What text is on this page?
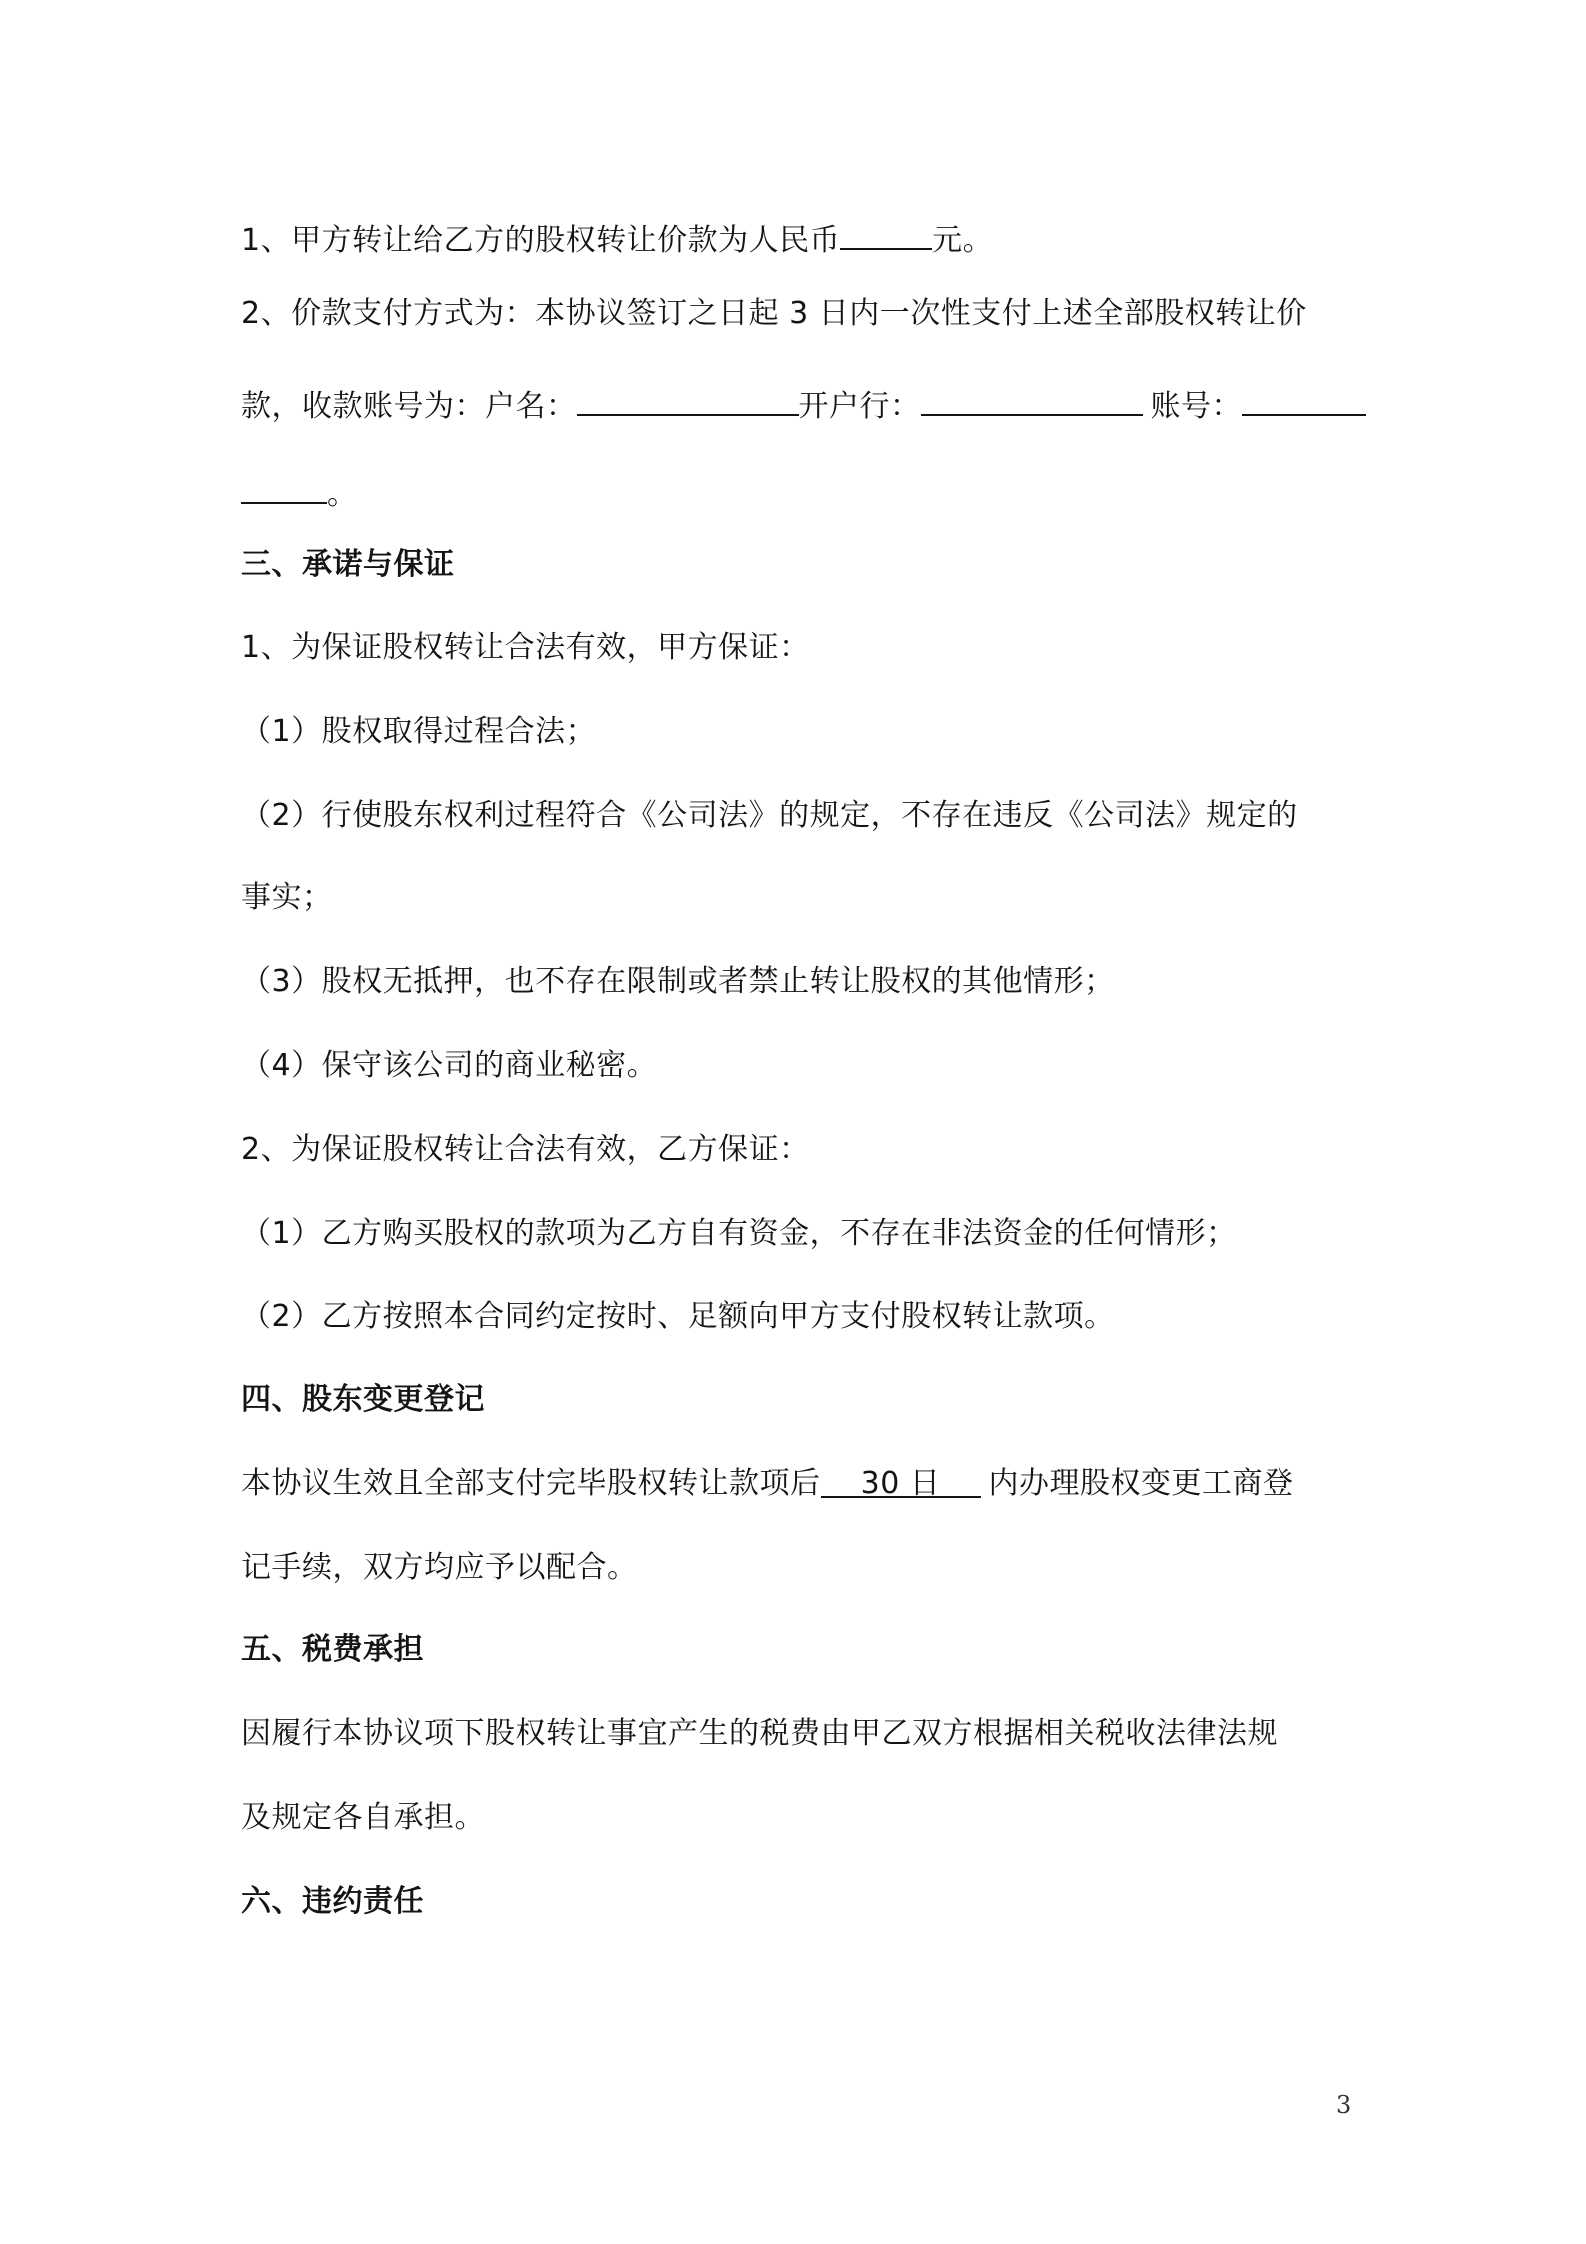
1、甲方转让给乙方的股权转让价款为人民币	元。
2、价款支付方式为：本协议签订之日起 3 日内一次性支付上述全部股权转让价
款，收款账号为：户名：	开户行：	账号：
。
三、承诺与保证
1、为保证股权转让合法有效，甲方保证：
（1）股权取得过程合法；
（2）行使股东权利过程符合《公司法》的规定，不存在违反《公司法》规定的
事实；
（3）股权无抵押，也不存在限制或者禁止转让股权的其他情形；
（4）保守该公司的商业秘密。
2、为保证股权转让合法有效，乙方保证：
（1）乙方购买股权的款项为乙方自有资金，不存在非法资金的任何情形；
（2）乙方按照本合同约定按时、足额向甲方支付股权转让款项。
四、股东变更登记
本协议生效且全部支付完毕股权转让款项后 30 日 内办理股权变更工商登
记手续，双方均应予以配合。
五、税费承担
因履行本协议项下股权转让事宜产生的税费由甲乙双方根据相关税收法律法规
及规定各自承担。
六、违约责任
3
